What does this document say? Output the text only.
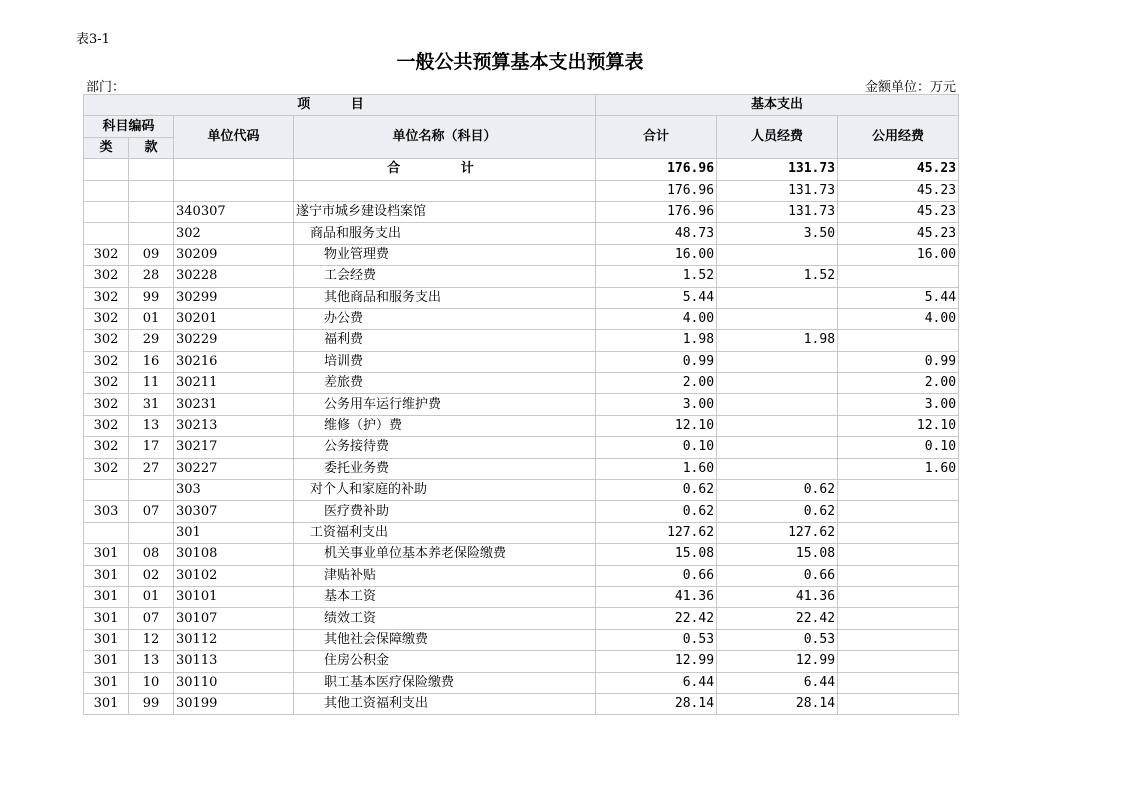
表3-1
一般公共预算基本支出预算表
部门：	金额单位：万元
项 目				基本支出		
科目编码		单位代码	单位名称（科目）	合计	人员经费	公用经费
类	款					
			合 计	176.96	131.73	45.23
				176.96	131.73	45.23
		340307	遂宁市城乡建设档案馆	176.96	131.73	45.23
		302	商品和服务支出	48.73	3.50	45.23
302	09	30209	物业管理费	16.00		16.00
302	28	30228	工会经费	1.52	1.52	
302	99	30299	其他商品和服务支出	5.44		5.44
302	01	30201	办公费	4.00		4.00
302	29	30229	福利费	1.98	1.98	
302	16	30216	培训费	0.99		0.99
302	11	30211	差旅费	2.00		2.00
302	31	30231	公务用车运行维护费	3.00		3.00
302	13	30213	维修（护）费	12.10		12.10
302	17	30217	公务接待费	0.10		0.10
302	27	30227	委托业务费	1.60		1.60
		303	对个人和家庭的补助	0.62	0.62	
303	07	30307	医疗费补助	0.62	0.62	
		301	工资福利支出	127.62	127.62	
301	08	30108	机关事业单位基本养老保险缴费	15.08	15.08	
301	02	30102	津贴补贴	0.66	0.66	
301	01	30101	基本工资	41.36	41.36	
301	07	30107	绩效工资	22.42	22.42	
301	12	30112	其他社会保障缴费	0.53	0.53	
301	13	30113	住房公积金	12.99	12.99	
301	10	30110	职工基本医疗保险缴费	6.44	6.44	
301	99	30199	其他工资福利支出	28.14	28.14	
